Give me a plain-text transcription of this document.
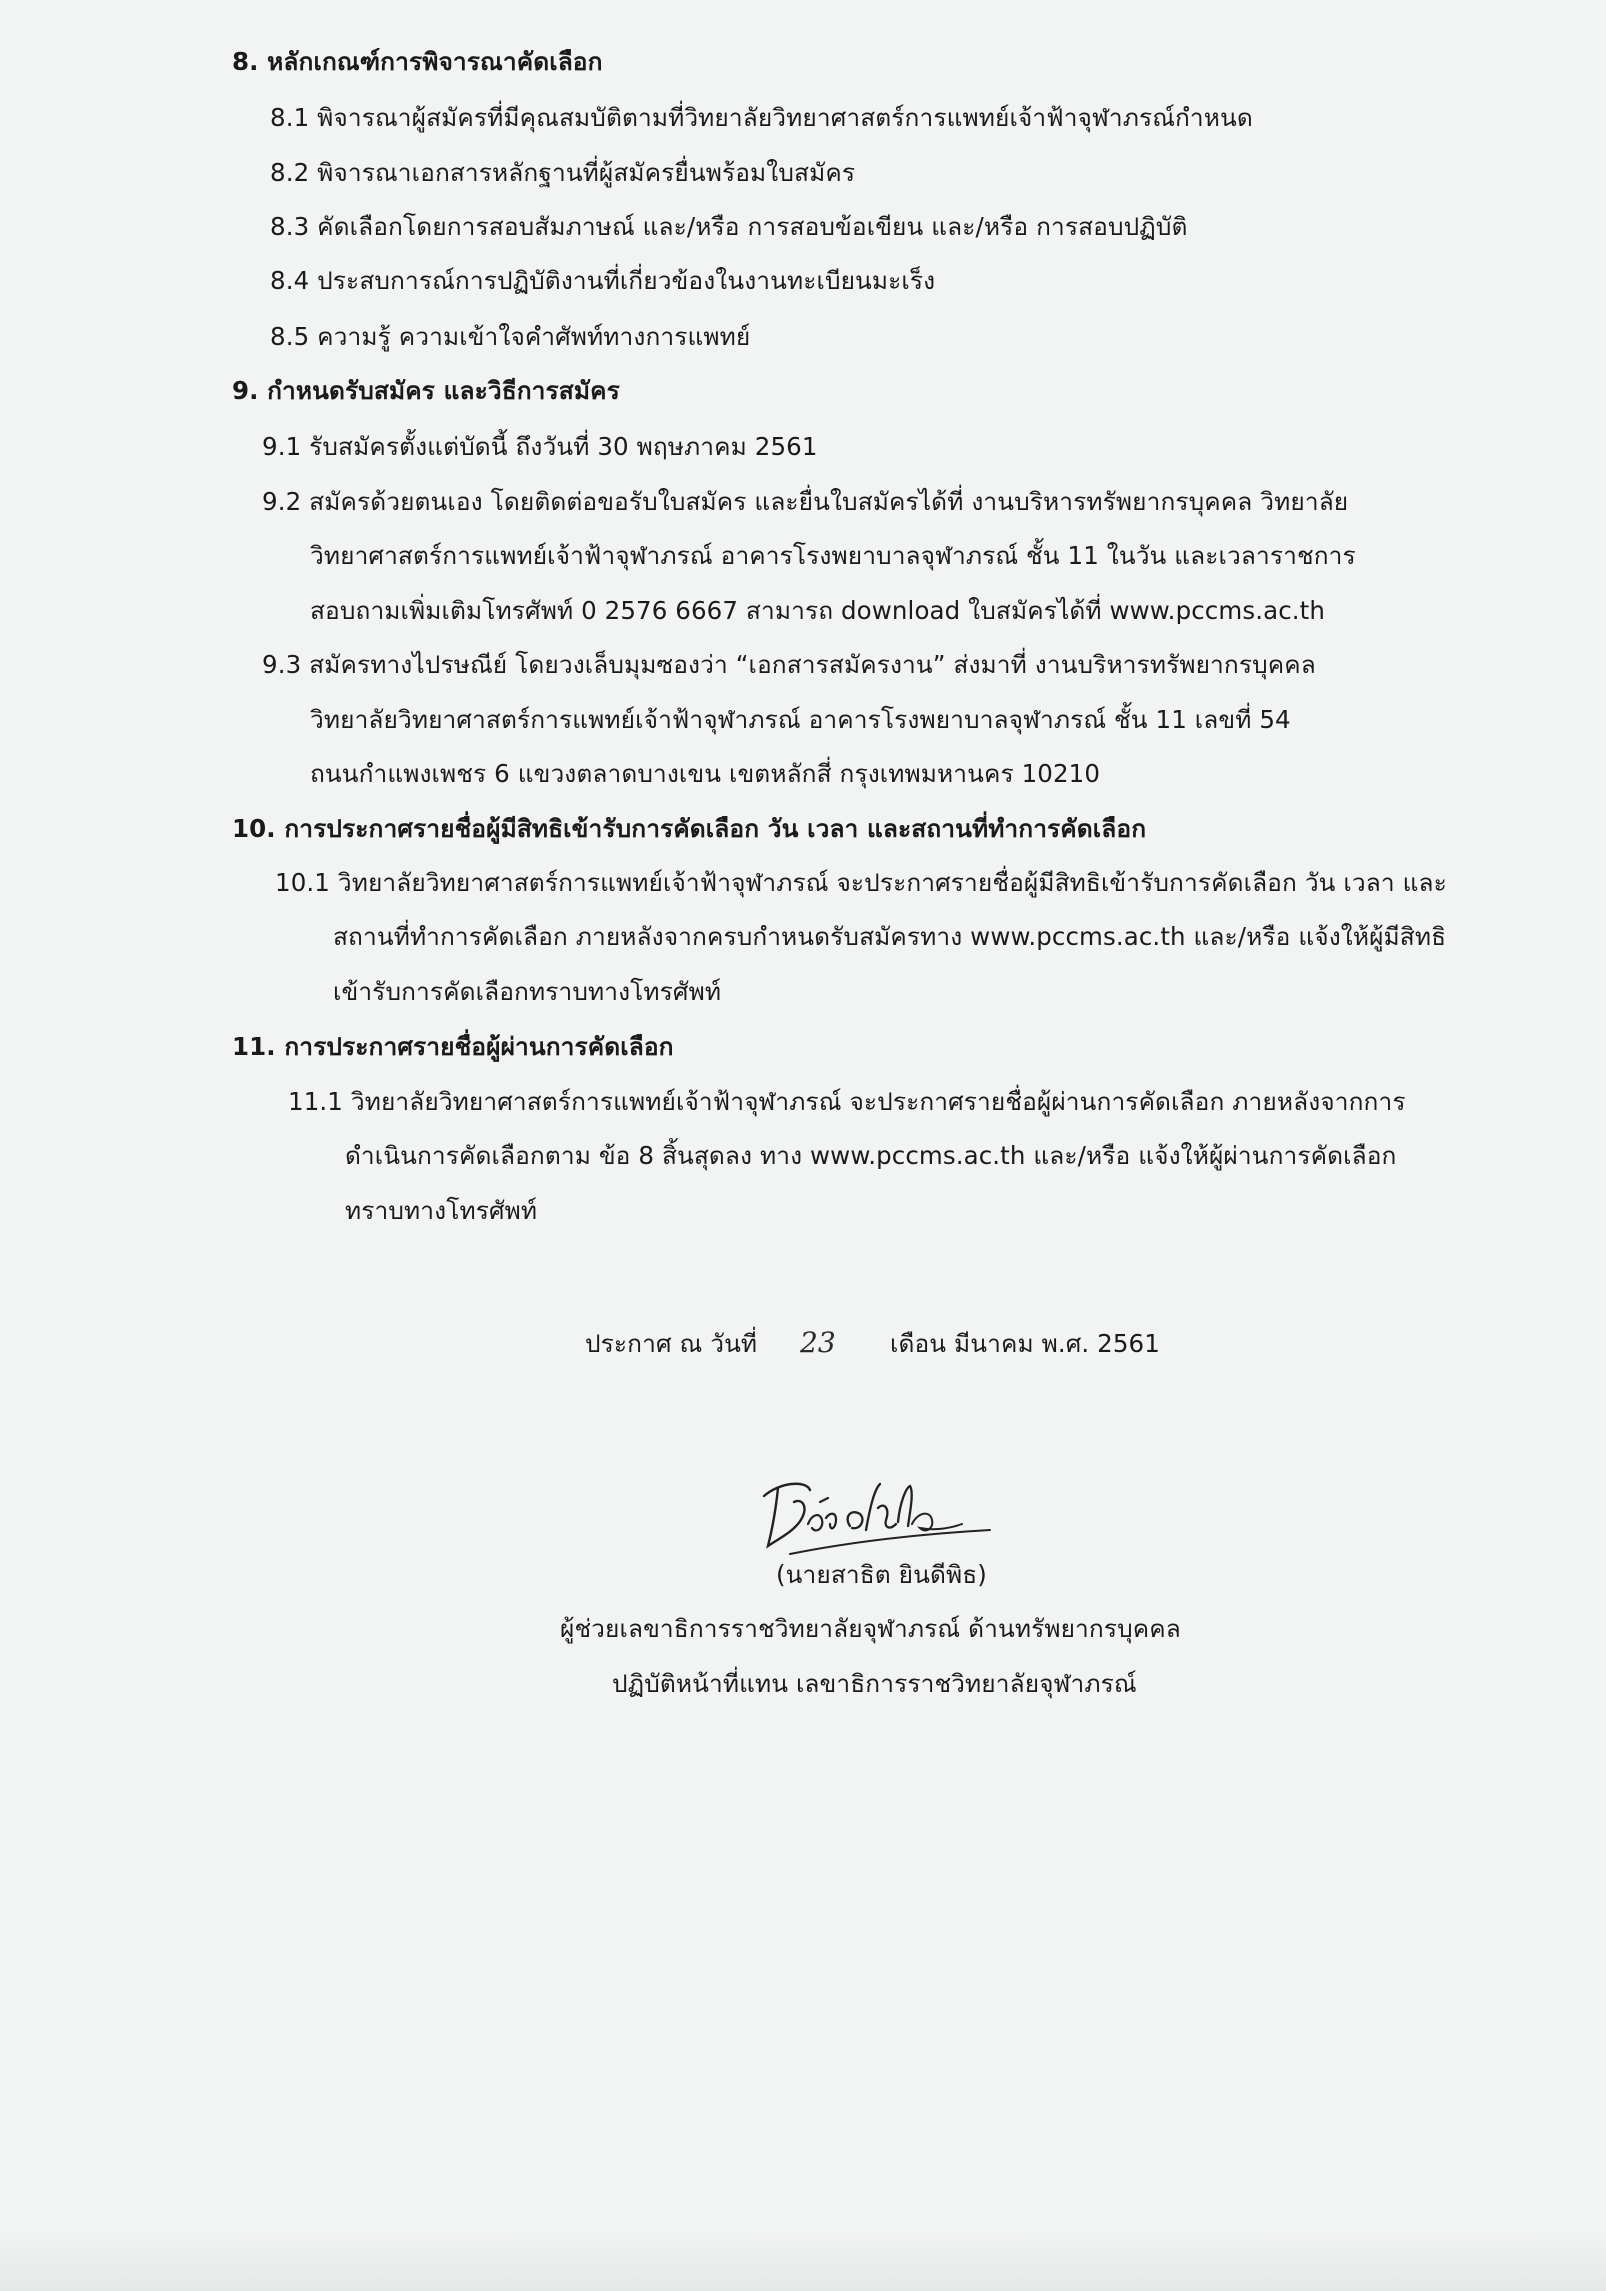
8. หลักเกณฑ์การพิจารณาคัดเลือก
8.1 พิจารณาผู้สมัครที่มีคุณสมบัติตามที่วิทยาลัยวิทยาศาสตร์การแพทย์เจ้าฟ้าจุฬาภรณ์กำหนด
8.2 พิจารณาเอกสารหลักฐานที่ผู้สมัครยื่นพร้อมใบสมัคร
8.3 คัดเลือกโดยการสอบสัมภาษณ์ และ/หรือ การสอบข้อเขียน และ/หรือ การสอบปฏิบัติ
8.4 ประสบการณ์การปฏิบัติงานที่เกี่ยวข้องในงานทะเบียนมะเร็ง
8.5 ความรู้ ความเข้าใจคำศัพท์ทางการแพทย์
9. กำหนดรับสมัคร และวิธีการสมัคร
9.1 รับสมัครตั้งแต่บัดนี้ ถึงวันที่ 30 พฤษภาคม 2561
9.2 สมัครด้วยตนเอง โดยติดต่อขอรับใบสมัคร และยื่นใบสมัครได้ที่ งานบริหารทรัพยากรบุคคล วิทยาลัย
วิทยาศาสตร์การแพทย์เจ้าฟ้าจุฬาภรณ์ อาคารโรงพยาบาลจุฬาภรณ์ ชั้น 11 ในวัน และเวลาราชการ
สอบถามเพิ่มเติมโทรศัพท์ 0 2576 6667 สามารถ download ใบสมัครได้ที่ www.pccms.ac.th
9.3 สมัครทางไปรษณีย์ โดยวงเล็บมุมซองว่า “เอกสารสมัครงาน” ส่งมาที่ งานบริหารทรัพยากรบุคคล
วิทยาลัยวิทยาศาสตร์การแพทย์เจ้าฟ้าจุฬาภรณ์ อาคารโรงพยาบาลจุฬาภรณ์ ชั้น 11 เลขที่ 54
ถนนกำแพงเพชร 6 แขวงตลาดบางเขน เขตหลักสี่ กรุงเทพมหานคร 10210
10. การประกาศรายชื่อผู้มีสิทธิเข้ารับการคัดเลือก วัน เวลา และสถานที่ทำการคัดเลือก
10.1 วิทยาลัยวิทยาศาสตร์การแพทย์เจ้าฟ้าจุฬาภรณ์ จะประกาศรายชื่อผู้มีสิทธิเข้ารับการคัดเลือก วัน เวลา และ
สถานที่ทำการคัดเลือก ภายหลังจากครบกำหนดรับสมัครทาง www.pccms.ac.th และ/หรือ แจ้งให้ผู้มีสิทธิ
เข้ารับการคัดเลือกทราบทางโทรศัพท์
11. การประกาศรายชื่อผู้ผ่านการคัดเลือก
11.1 วิทยาลัยวิทยาศาสตร์การแพทย์เจ้าฟ้าจุฬาภรณ์ จะประกาศรายชื่อผู้ผ่านการคัดเลือก ภายหลังจากการ
ดำเนินการคัดเลือกตาม ข้อ 8 สิ้นสุดลง ทาง www.pccms.ac.th และ/หรือ แจ้งให้ผู้ผ่านการคัดเลือก
ทราบทางโทรศัพท์
ประกาศ ณ วันที่ 23 เดือน มีนาคม พ.ศ. 2561
(นายสาธิต ยินดีพิธ)
ผู้ช่วยเลขาธิการราชวิทยาลัยจุฬาภรณ์ ด้านทรัพยากรบุคคล
ปฏิบัติหน้าที่แทน เลขาธิการราชวิทยาลัยจุฬาภรณ์
